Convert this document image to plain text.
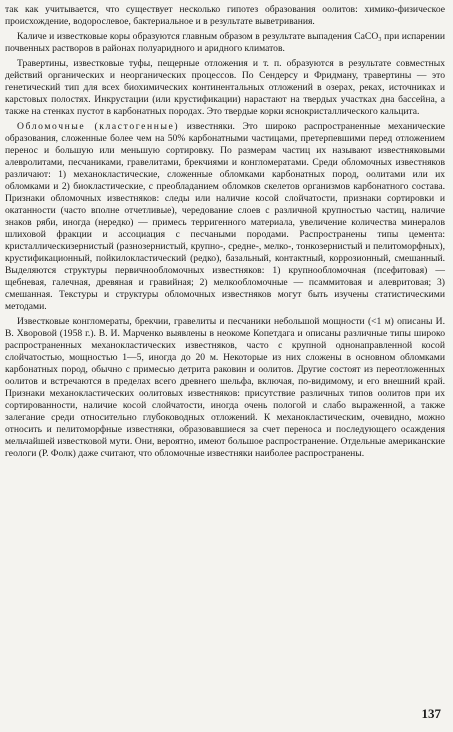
так как учитывается, что существует несколько гипотез образования оолитов: химико-физическое происхождение, водорослевое, бактериальное и в результате выветривания.

Каличе и известковые коры образуются главным образом в результате выпадения CaCO₃ при испарении почвенных растворов в районах полуаридного и аридного климатов.

Травертины, известковые туфы, пещерные отложения и т. п. образуются в результате совместных действий органических и неорганических процессов. По Сендерсу и Фридману, травертины — это генетический тип для всех биохимических континентальных отложений в озерах, реках, источниках и карстовых полостях. Инкрустации (или крустификации) нарастают на твердых участках дна бассейна, а также на стенках пустот в карбонатных породах. Это твердые корки яснокристаллического кальцита.

Обломочные (кластогенные) известняки. Это широко распространенные механические образования, сложенные более чем на 50% карбонатными частицами, претерпевшими перед отложением перенос и большую или меньшую сортировку. По размерам частиц их называют известняковыми алевролитами, песчаниками, гравелитами, брекчиями и конгломератами. Среди обломочных известняков различают: 1) механокластические, сложенные обломками карбонатных пород, оолитами или их обломками и 2) биокластические, с преобладанием обломков скелетов организмов карбонатного состава. Признаки обломочных известняков: следы или наличие косой слойчатости, признаки сортировки и окатанности (часто вполне отчетливые), чередование слоев с различной крупностью частиц, наличие знаков ряби, иногда (нередко) — примесь терригенного материала, увеличение количества минералов шлиховой фракции и ассоциация с песчаными породами. Распространены типы цемента: кристаллическизернистый (разнозернистый, крупно-, средне-, мелко-, тонкозернистый и пелитоморфных), крустификационный, пойкилокластический (редко), базальный, контактный, коррозионный, смешанный. Выделяются структуры первичнообломочных известняков: 1) крупнообломочная (псефитовая) — щебневая, галечная, древяная и гравийная; 2) мелкообломочные — псаммитовая и алевритовая; 3) смешанная. Текстуры и структуры обломочных известняков могут быть изучены статистическими методами.

Известковые конгломераты, брекчии, гравелиты и песчаники небольшой мощности (<1 м) описаны И. В. Хворовой (1958 г.). В. И. Марченко выявлены в неокоме Копетдага и описаны различные типы широко распространенных механокластических известняков, часто с крупной однонаправленной косой слойчатостью, мощностью 1—5, иногда до 20 м. Некоторые из них сложены в основном обломками карбонатных пород, обычно с примесью детрита раковин и оолитов. Другие состоят из переотложенных оолитов и встречаются в пределах всего древнего шельфа, включая, по-видимому, и его внешний край. Признаки механокластических оолитовых известняков: присутствие различных типов оолитов при их сортированности, наличие косой слойчатости, иногда очень пологой и слабо выраженной, а также залегание среди относительно глубоководных отложений. К механокластическим, очевидно, можно относить и пелитоморфные известняки, образовавшиеся за счет переноса и последующего осаждения мельчайшей известковой мути. Они, вероятно, имеют большое распространение. Отдельные американские геологи (Р. Фолк) даже считают, что обломочные известняки наиболее распространены.

137
